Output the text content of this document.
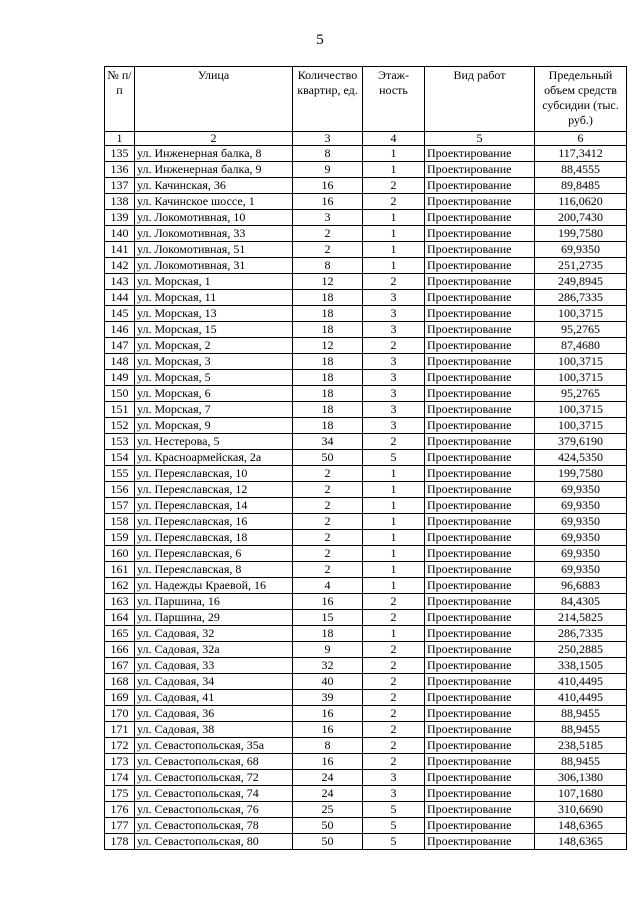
5
№ п/п	Улица	Количество квартир, ед.	Этаж-ность	Вид работ	Предельный объем средств субсидии (тыс. руб.)
1	2	3	4	5	6
135	ул. Инженерная балка, 8	8	1	Проектирование	117,3412
136	ул. Инженерная балка, 9	9	1	Проектирование	88,4555
137	ул. Качинская, 36	16	2	Проектирование	89,8485
138	ул. Качинское шоссе, 1	16	2	Проектирование	116,0620
139	ул. Локомотивная, 10	3	1	Проектирование	200,7430
140	ул. Локомотивная, 33	2	1	Проектирование	199,7580
141	ул. Локомотивная, 51	2	1	Проектирование	69,9350
142	ул. Локомотивная, 31	8	1	Проектирование	251,2735
143	ул. Морская, 1	12	2	Проектирование	249,8945
144	ул. Морская, 11	18	3	Проектирование	286,7335
145	ул. Морская, 13	18	3	Проектирование	100,3715
146	ул. Морская, 15	18	3	Проектирование	95,2765
147	ул. Морская, 2	12	2	Проектирование	87,4680
148	ул. Морская, 3	18	3	Проектирование	100,3715
149	ул. Морская, 5	18	3	Проектирование	100,3715
150	ул. Морская, 6	18	3	Проектирование	95,2765
151	ул. Морская, 7	18	3	Проектирование	100,3715
152	ул. Морская, 9	18	3	Проектирование	100,3715
153	ул. Нестерова, 5	34	2	Проектирование	379,6190
154	ул. Красноармейская, 2а	50	5	Проектирование	424,5350
155	ул. Переяславская, 10	2	1	Проектирование	199,7580
156	ул. Переяславская, 12	2	1	Проектирование	69,9350
157	ул. Переяславская, 14	2	1	Проектирование	69,9350
158	ул. Переяславская, 16	2	1	Проектирование	69,9350
159	ул. Переяславская, 18	2	1	Проектирование	69,9350
160	ул. Переяславская, 6	2	1	Проектирование	69,9350
161	ул. Переяславская, 8	2	1	Проектирование	69,9350
162	ул. Надежды Краевой, 16	4	1	Проектирование	96,6883
163	ул. Паршина, 16	16	2	Проектирование	84,4305
164	ул. Паршина, 29	15	2	Проектирование	214,5825
165	ул. Садовая, 32	18	1	Проектирование	286,7335
166	ул. Садовая, 32а	9	2	Проектирование	250,2885
167	ул. Садовая, 33	32	2	Проектирование	338,1505
168	ул. Садовая, 34	40	2	Проектирование	410,4495
169	ул. Садовая, 41	39	2	Проектирование	410,4495
170	ул. Садовая, 36	16	2	Проектирование	88,9455
171	ул. Садовая, 38	16	2	Проектирование	88,9455
172	ул. Севастопольская, 35а	8	2	Проектирование	238,5185
173	ул. Севастопольская, 68	16	2	Проектирование	88,9455
174	ул. Севастопольская, 72	24	3	Проектирование	306,1380
175	ул. Севастопольская, 74	24	3	Проектирование	107,1680
176	ул. Севастопольская, 76	25	5	Проектирование	310,6690
177	ул. Севастопольская, 78	50	5	Проектирование	148,6365
178	ул. Севастопольская, 80	50	5	Проектирование	148,6365
